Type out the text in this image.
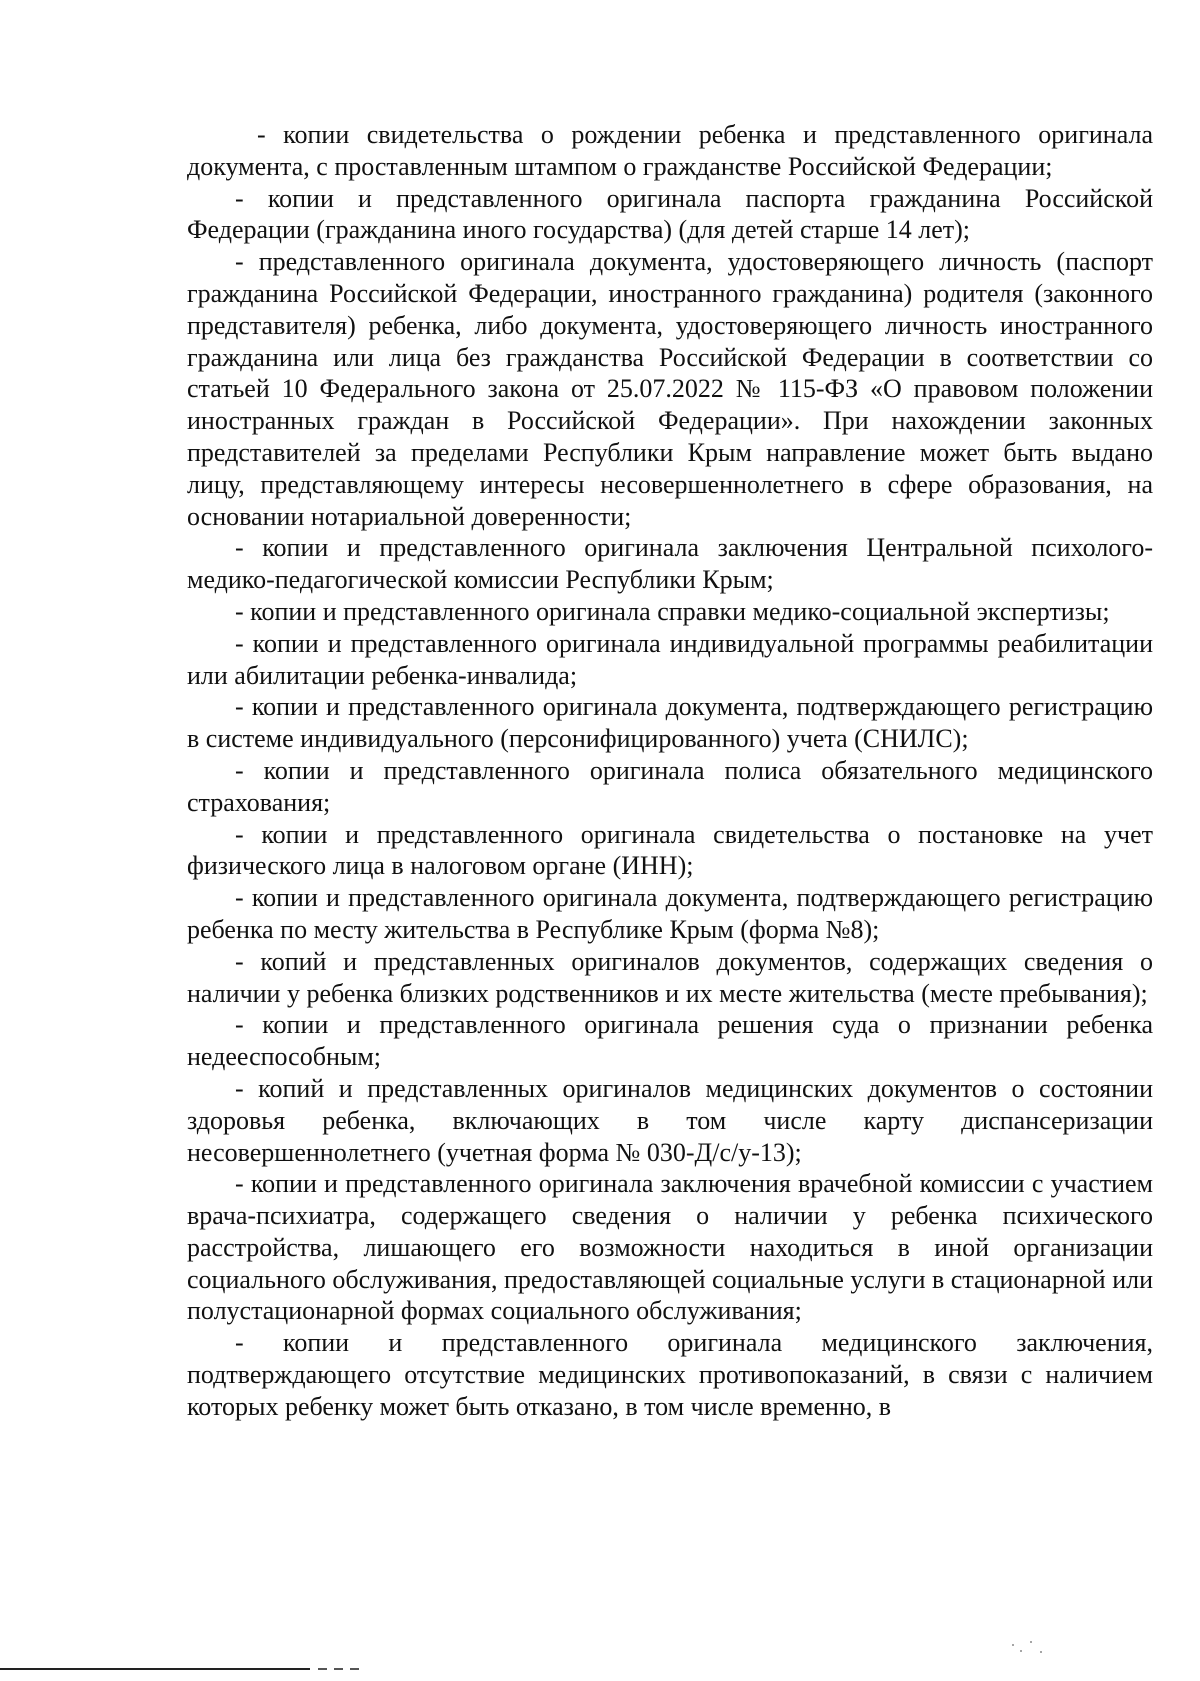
- копии свидетельства о рождении ребенка и представленного оригинала документа, с проставленным штампом о гражданстве Российской Федерации;

- копии и представленного оригинала паспорта гражданина Российской Федерации (гражданина иного государства) (для детей старше 14 лет);

- представленного оригинала документа, удостоверяющего личность (паспорт гражданина Российской Федерации, иностранного гражданина) родителя (законного представителя) ребенка, либо документа, удостоверяющего личность иностранного гражданина или лица без гражданства Российской Федерации в соответствии со статьей 10 Федерального закона от 25.07.2022 № 115-ФЗ «О правовом положении иностранных граждан в Российской Федерации». При нахождении законных представителей за пределами Республики Крым направление может быть выдано лицу, представляющему интересы несовершеннолетнего в сфере образования, на основании нотариальной доверенности;

- копии и представленного оригинала заключения Центральной психолого-медико-педагогической комиссии Республики Крым;

- копии и представленного оригинала справки медико-социальной экспертизы;

- копии и представленного оригинала индивидуальной программы реабилитации или абилитации ребенка-инвалида;

- копии и представленного оригинала документа, подтверждающего регистрацию в системе индивидуального (персонифицированного) учета (СНИЛС);

- копии и представленного оригинала полиса обязательного медицинского страхования;

- копии и представленного оригинала свидетельства о постановке на учет физического лица в налоговом органе (ИНН);

- копии и представленного оригинала документа, подтверждающего регистрацию ребенка по месту жительства в Республике Крым (форма №8);

- копий и представленных оригиналов документов, содержащих сведения о наличии у ребенка близких родственников и их месте жительства (месте пребывания);

- копии и представленного оригинала решения суда о признании ребенка недееспособным;

- копий и представленных оригиналов медицинских документов о состоянии здоровья ребенка, включающих в том числе карту диспансеризации несовершеннолетнего (учетная форма № 030-Д/с/у-13);

- копии и представленного оригинала заключения врачебной комиссии с участием врача-психиатра, содержащего сведения о наличии у ребенка психического расстройства, лишающего его возможности находиться в иной организации социального обслуживания, предоставляющей социальные услуги в стационарной или полустационарной формах социального обслуживания;

- копии и представленного оригинала медицинского заключения, подтверждающего отсутствие медицинских противопоказаний, в связи с наличием которых ребенку может быть отказано, в том числе временно, в
